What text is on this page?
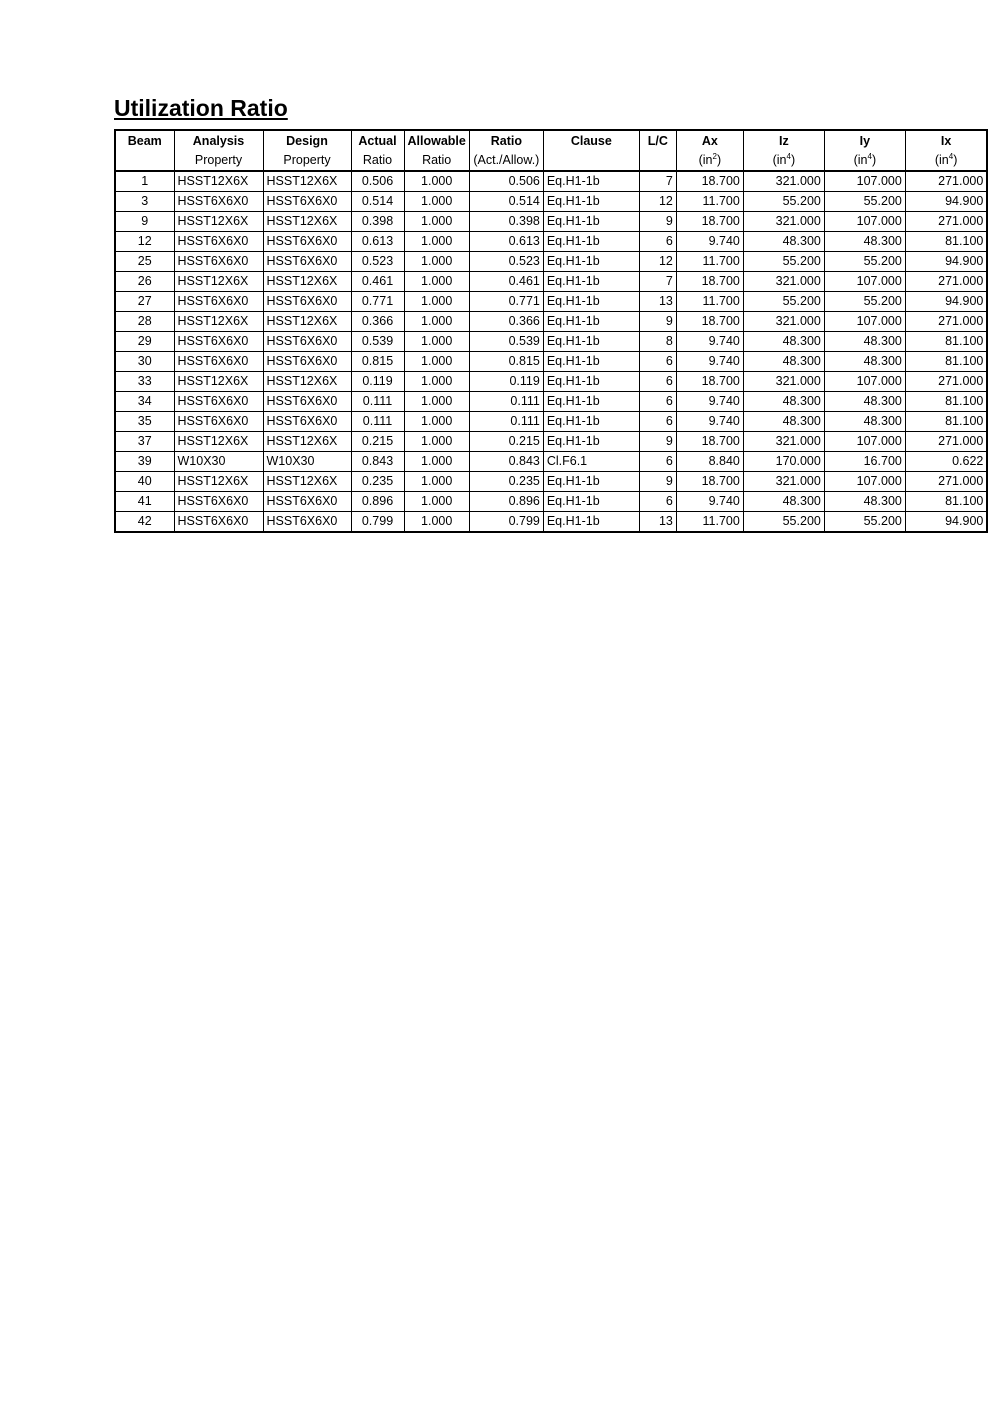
Utilization Ratio
Beam	Analysis	Design	Actual	Allowable	Ratio	Clause	L/C	Ax	Iz	Iy	Ix
	Property	Property	Ratio	Ratio	(Act./Allow.)			$(in^2)$	$(in^4)$	$(in^4)$	$(in^4)$
1	HSST12X6X	HSST12X6X	0.506	1.000	0.506	Eq.H1-1b	7	18.700	321.000	107.000	271.000
3	HSST6X6X0	HSST6X6X0	0.514	1.000	0.514	Eq.H1-1b	12	11.700	55.200	55.200	94.900
9	HSST12X6X	HSST12X6X	0.398	1.000	0.398	Eq.H1-1b	9	18.700	321.000	107.000	271.000
12	HSST6X6X0	HSST6X6X0	0.613	1.000	0.613	Eq.H1-1b	6	9.740	48.300	48.300	81.100
25	HSST6X6X0	HSST6X6X0	0.523	1.000	0.523	Eq.H1-1b	12	11.700	55.200	55.200	94.900
26	HSST12X6X	HSST12X6X	0.461	1.000	0.461	Eq.H1-1b	7	18.700	321.000	107.000	271.000
27	HSST6X6X0	HSST6X6X0	0.771	1.000	0.771	Eq.H1-1b	13	11.700	55.200	55.200	94.900
28	HSST12X6X	HSST12X6X	0.366	1.000	0.366	Eq.H1-1b	9	18.700	321.000	107.000	271.000
29	HSST6X6X0	HSST6X6X0	0.539	1.000	0.539	Eq.H1-1b	8	9.740	48.300	48.300	81.100
30	HSST6X6X0	HSST6X6X0	0.815	1.000	0.815	Eq.H1-1b	6	9.740	48.300	48.300	81.100
33	HSST12X6X	HSST12X6X	0.119	1.000	0.119	Eq.H1-1b	6	18.700	321.000	107.000	271.000
34	HSST6X6X0	HSST6X6X0	0.111	1.000	0.111	Eq.H1-1b	6	9.740	48.300	48.300	81.100
35	HSST6X6X0	HSST6X6X0	0.111	1.000	0.111	Eq.H1-1b	6	9.740	48.300	48.300	81.100
37	HSST12X6X	HSST12X6X	0.215	1.000	0.215	Eq.H1-1b	9	18.700	321.000	107.000	271.000
39	W10X30	W10X30	0.843	1.000	0.843	Cl.F6.1	6	8.840	170.000	16.700	0.622
40	HSST12X6X	HSST12X6X	0.235	1.000	0.235	Eq.H1-1b	9	18.700	321.000	107.000	271.000
41	HSST6X6X0	HSST6X6X0	0.896	1.000	0.896	Eq.H1-1b	6	9.740	48.300	48.300	81.100
42	HSST6X6X0	HSST6X6X0	0.799	1.000	0.799	Eq.H1-1b	13	11.700	55.200	55.200	94.900
